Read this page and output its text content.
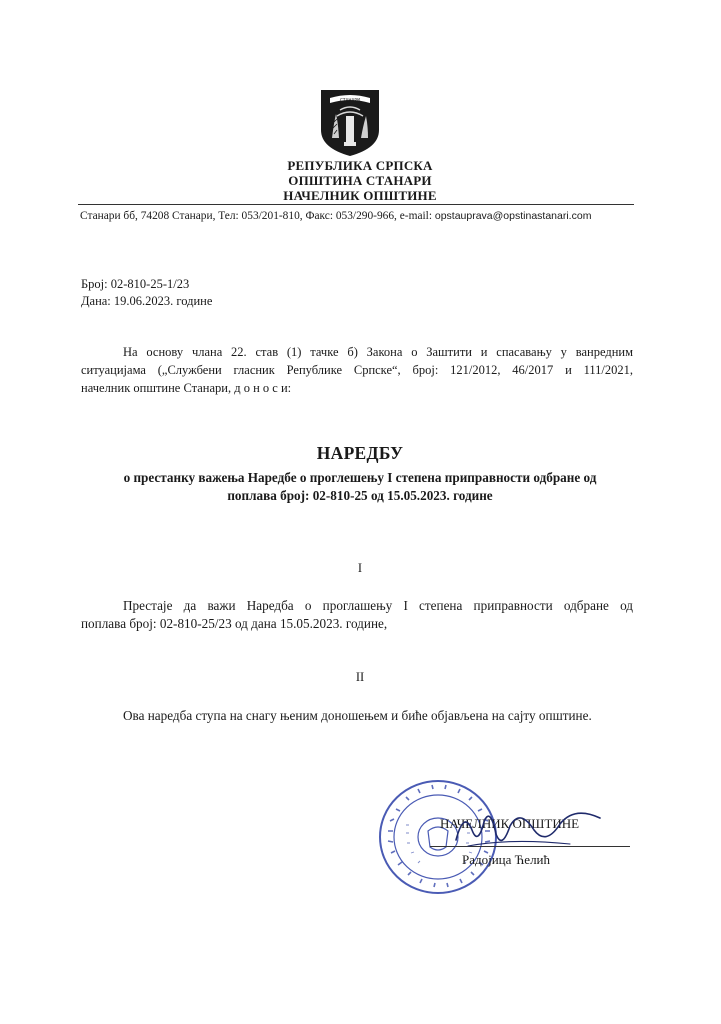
СТАНАРИ
РЕПУБЛИКА СРПСКА
ОПШТИНА СТАНАРИ
НАЧЕЛНИК ОПШТИНЕ
Станари бб, 74208 Станари, Тел: 053/201-810, Факс: 053/290-966, e-mail: opstauprava@opstinastanari.com
Број: 02-810-25-1/23
Дана: 19.06.2023. године
На основу члана 22. став (1) тачке б) Закона о Заштити и спасавању у ванредним
ситуацијама („Службени гласник Републике Српске“, број: 121/2012, 46/2017 и 111/2021,
начелник општине Станари, д о н о с и:
НАРЕДБУ
о престанку важења Наредбе о проглешењу I степена приправности одбране од
поплава број: 02-810-25 од 15.05.2023. године
I
Престаје да важи Наредба о проглашењу I степена приправности одбране од
поплава број: 02-810-25/23 од дана 15.05.2023. године,
II
Ова наредба ступа на снагу њеним доношењем и биће објављена на сајту општине.
НАЧЕЛНИК ОПШТИНЕ
Радојица Ћелић
